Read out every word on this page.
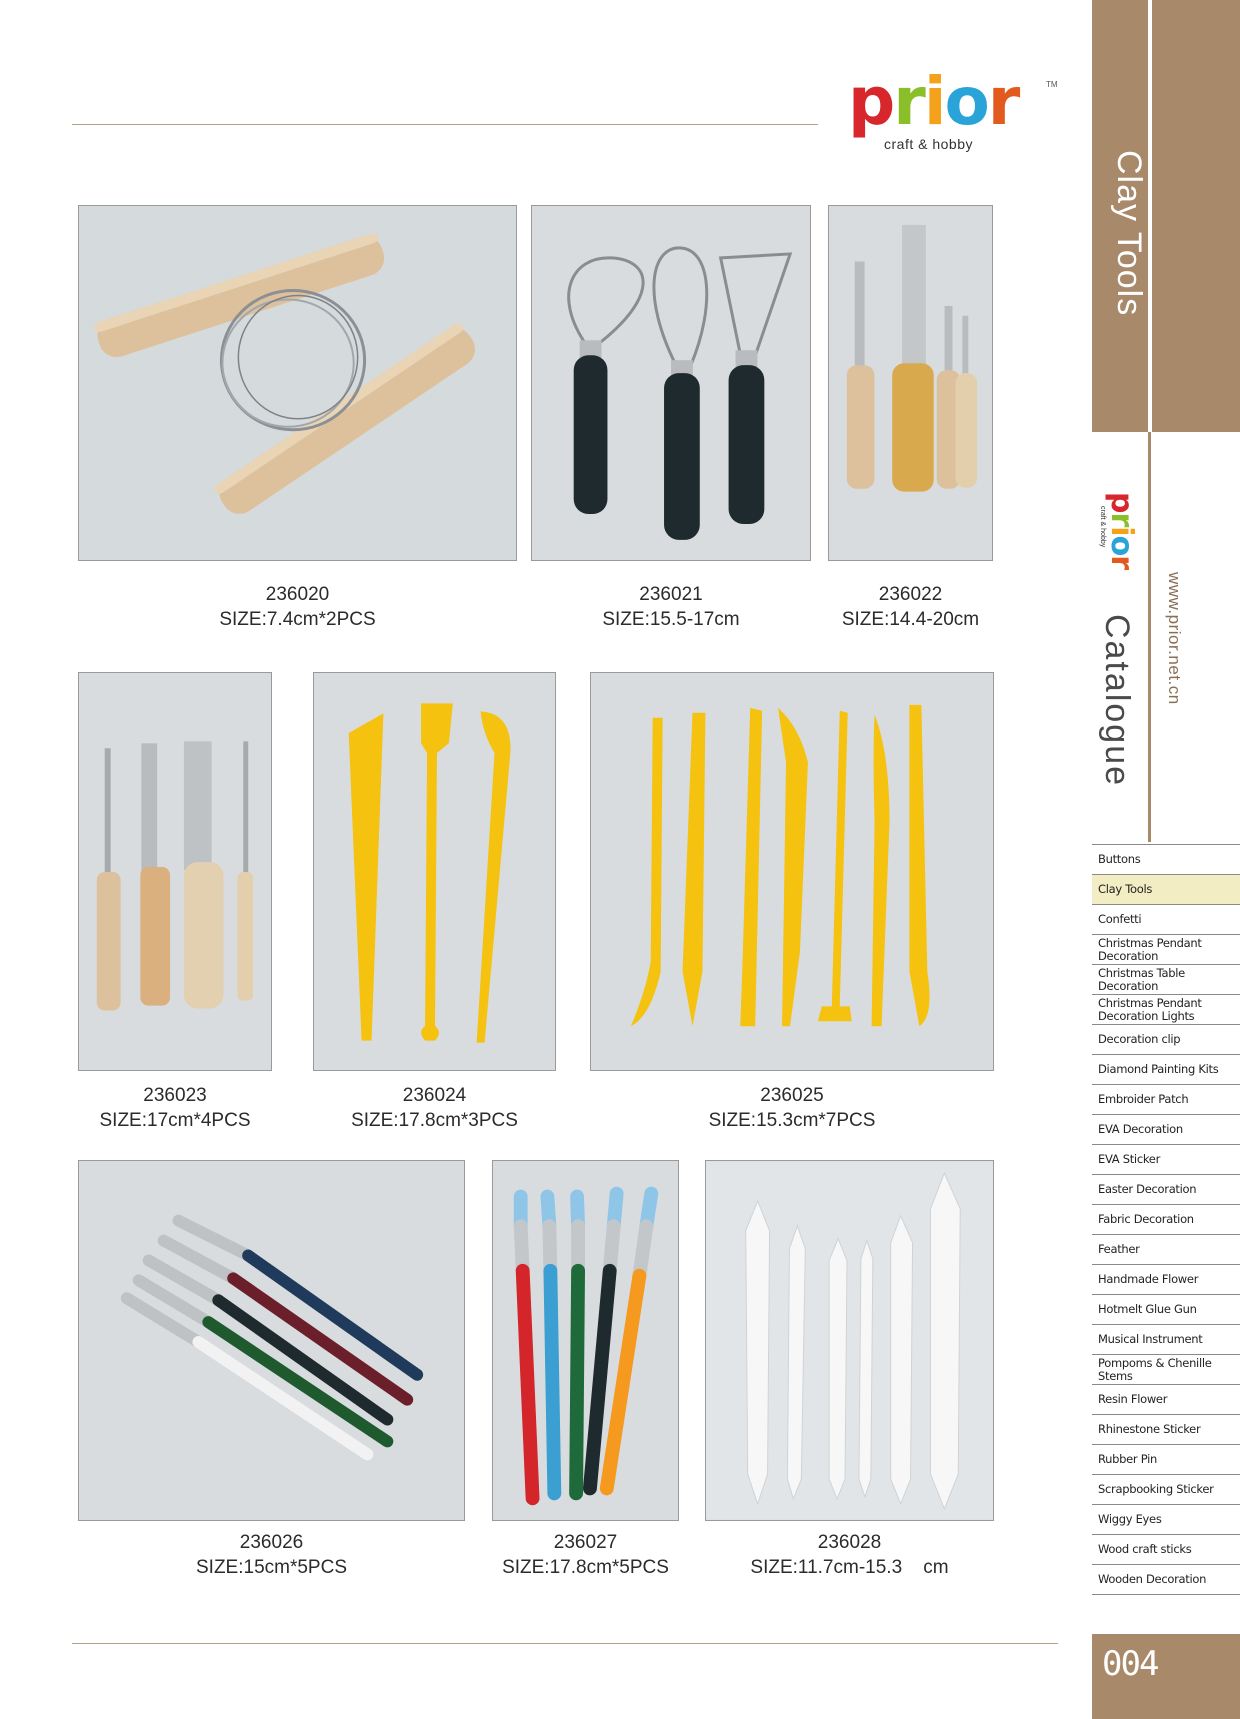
prior	TM
craft & hobby
236020
SIZE:7.4cm*2PCS
236021
SIZE:15.5-17cm
236022
SIZE:14.4-20cm
236023
SIZE:17cm*4PCS
236024
SIZE:17.8cm*3PCS
236025
SIZE:15.3cm*7PCS
236026
SIZE:15cm*5PCS
236027
SIZE:17.8cm*5PCS
236028
SIZE:11.7cm-15.3    cm
Clay Tools
prior
craft & hobby
Catalogue www.prior.net.cn
Buttons
Clay Tools
Confetti
Christmas Pendant Decoration
Christmas Table Decoration
Christmas Pendant Decoration Lights
Decoration clip
Diamond Painting Kits
Embroider Patch
EVA Decoration
EVA Sticker
Easter Decoration
Fabric Decoration
Feather
Handmade Flower
Hotmelt Glue Gun
Musical Instrument
Pompoms & Chenille Stems
Resin Flower
Rhinestone Sticker
Rubber Pin
Scrapbooking Sticker
Wiggy Eyes
Wood craft sticks
Wooden Decoration
004
